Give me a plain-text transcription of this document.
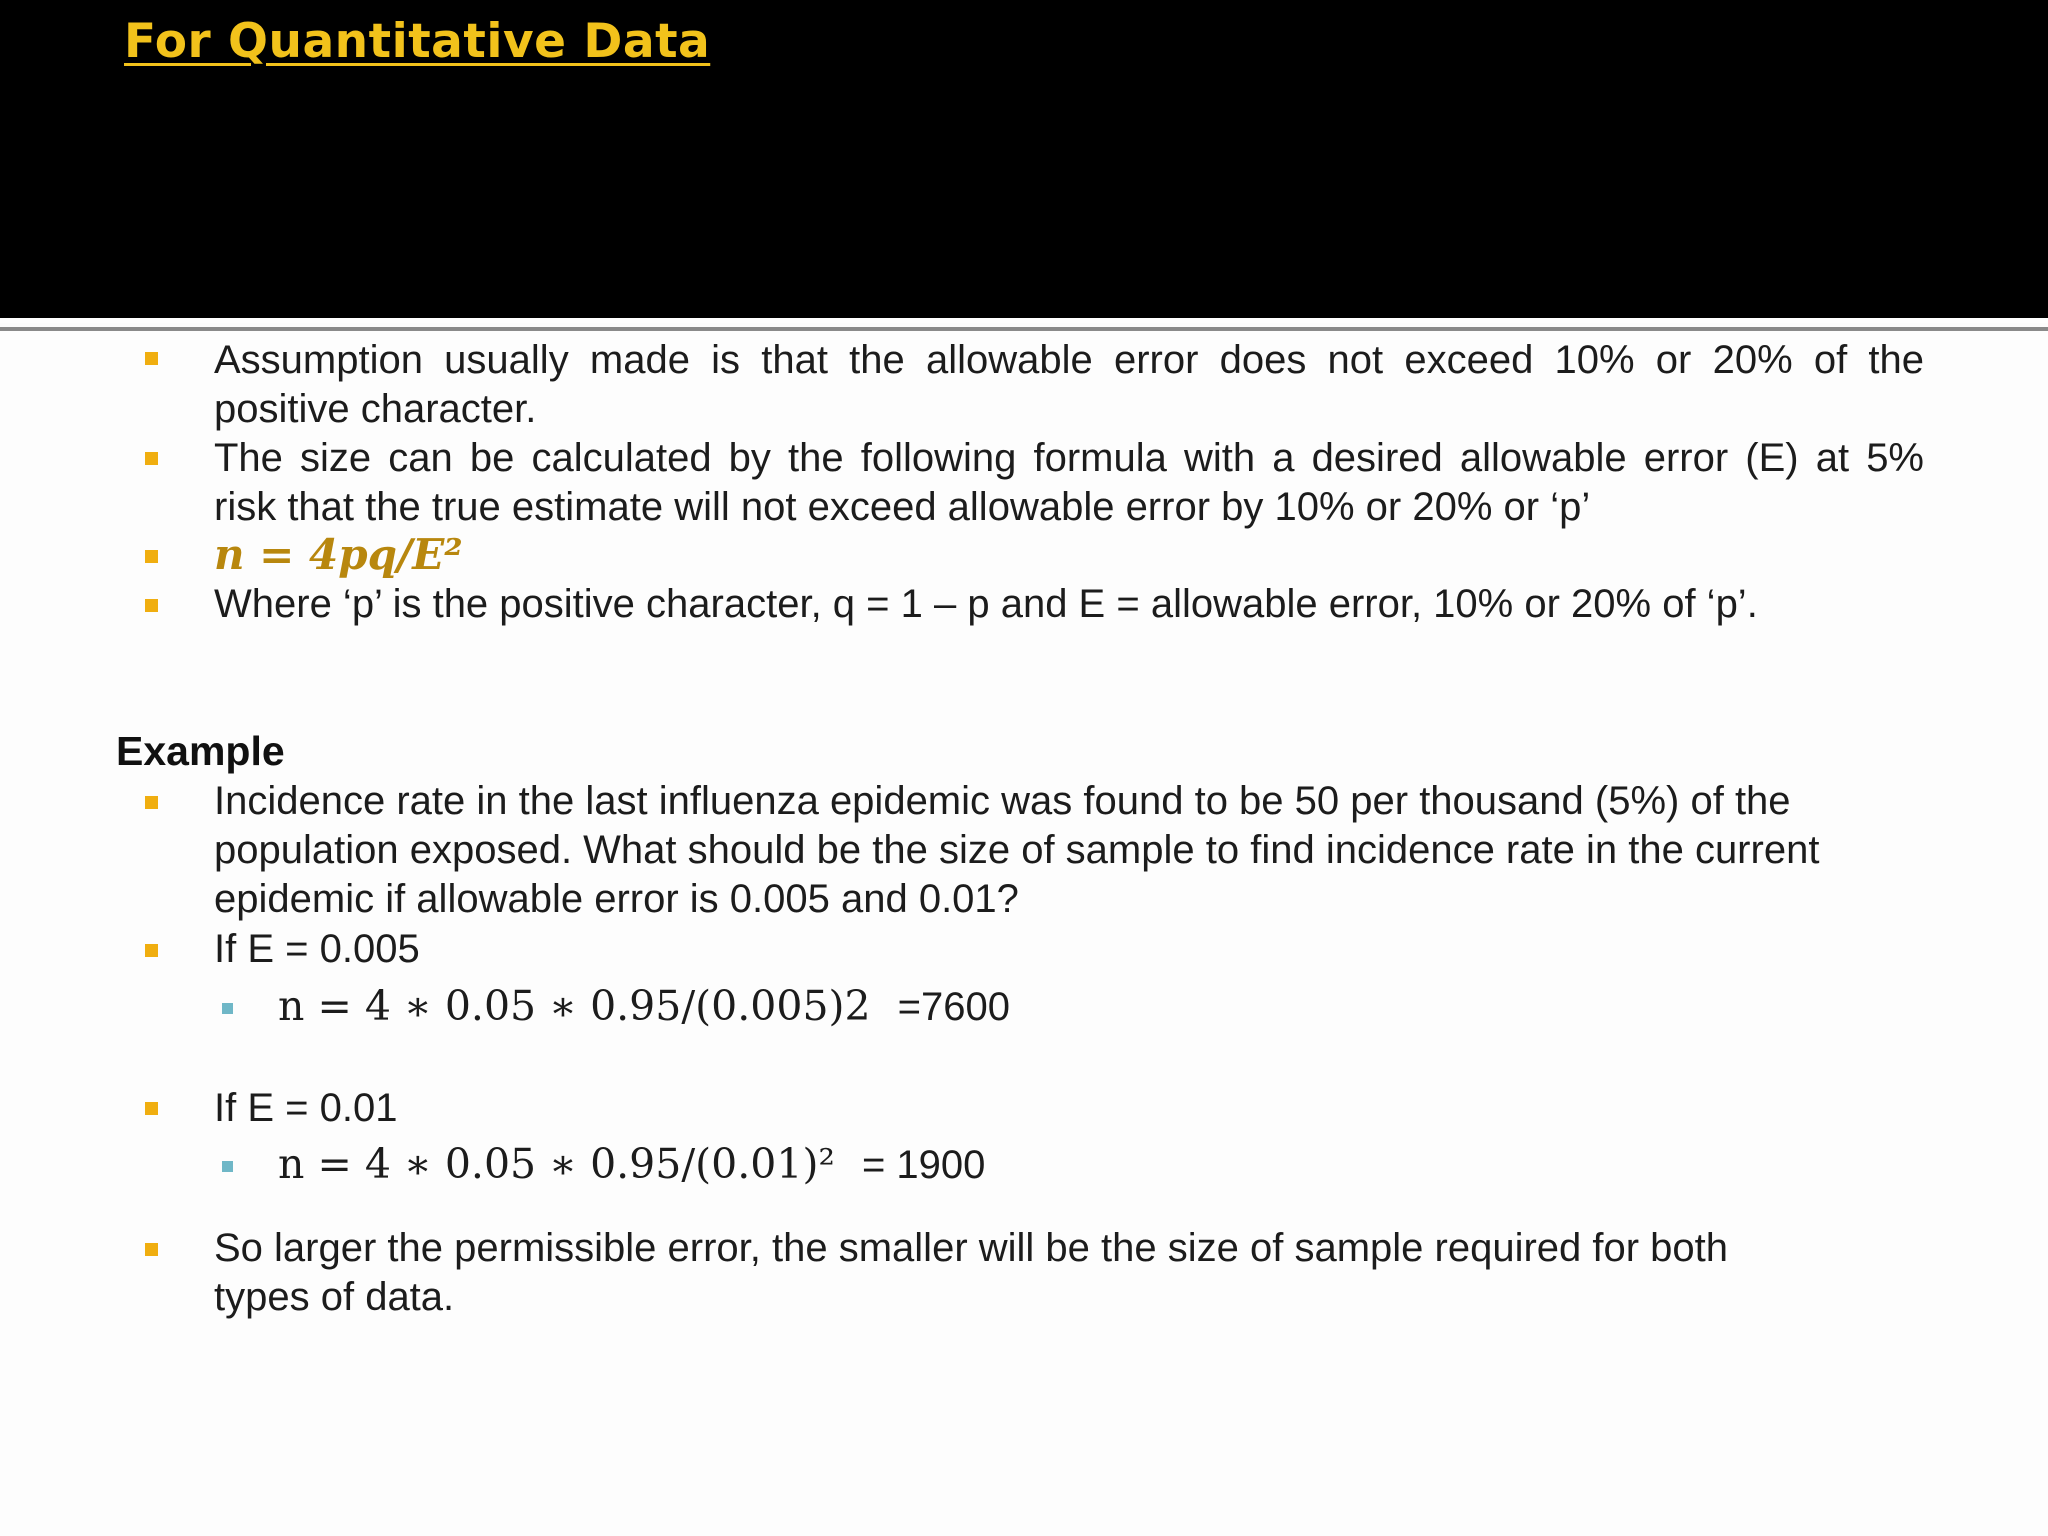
For Quantitative Data
Assumption usually made is that the allowable error does not exceed 10% or 20% of the
positive character.
The size can be calculated by the following formula with a desired allowable error (E) at 5%
risk that the true estimate will not exceed allowable error by 10% or 20% or ‘p’
n = 4pq/E²
Where ‘p’ is the positive character, q = 1 – p and E = allowable error, 10% or 20% of ‘p’.
Example
Incidence rate in the last influenza epidemic was found to be 50 per thousand (5%) of the
population exposed. What should be the size of sample to find incidence rate in the current
epidemic if allowable error is 0.005 and 0.01?
If E = 0.005
n = 4 ∗ 0.05 ∗ 0.95/(0.005)2 =7600
If E = 0.01
n = 4 ∗ 0.05 ∗ 0.95/(0.01)² = 1900
So larger the permissible error, the smaller will be the size of sample required for both
types of data.
